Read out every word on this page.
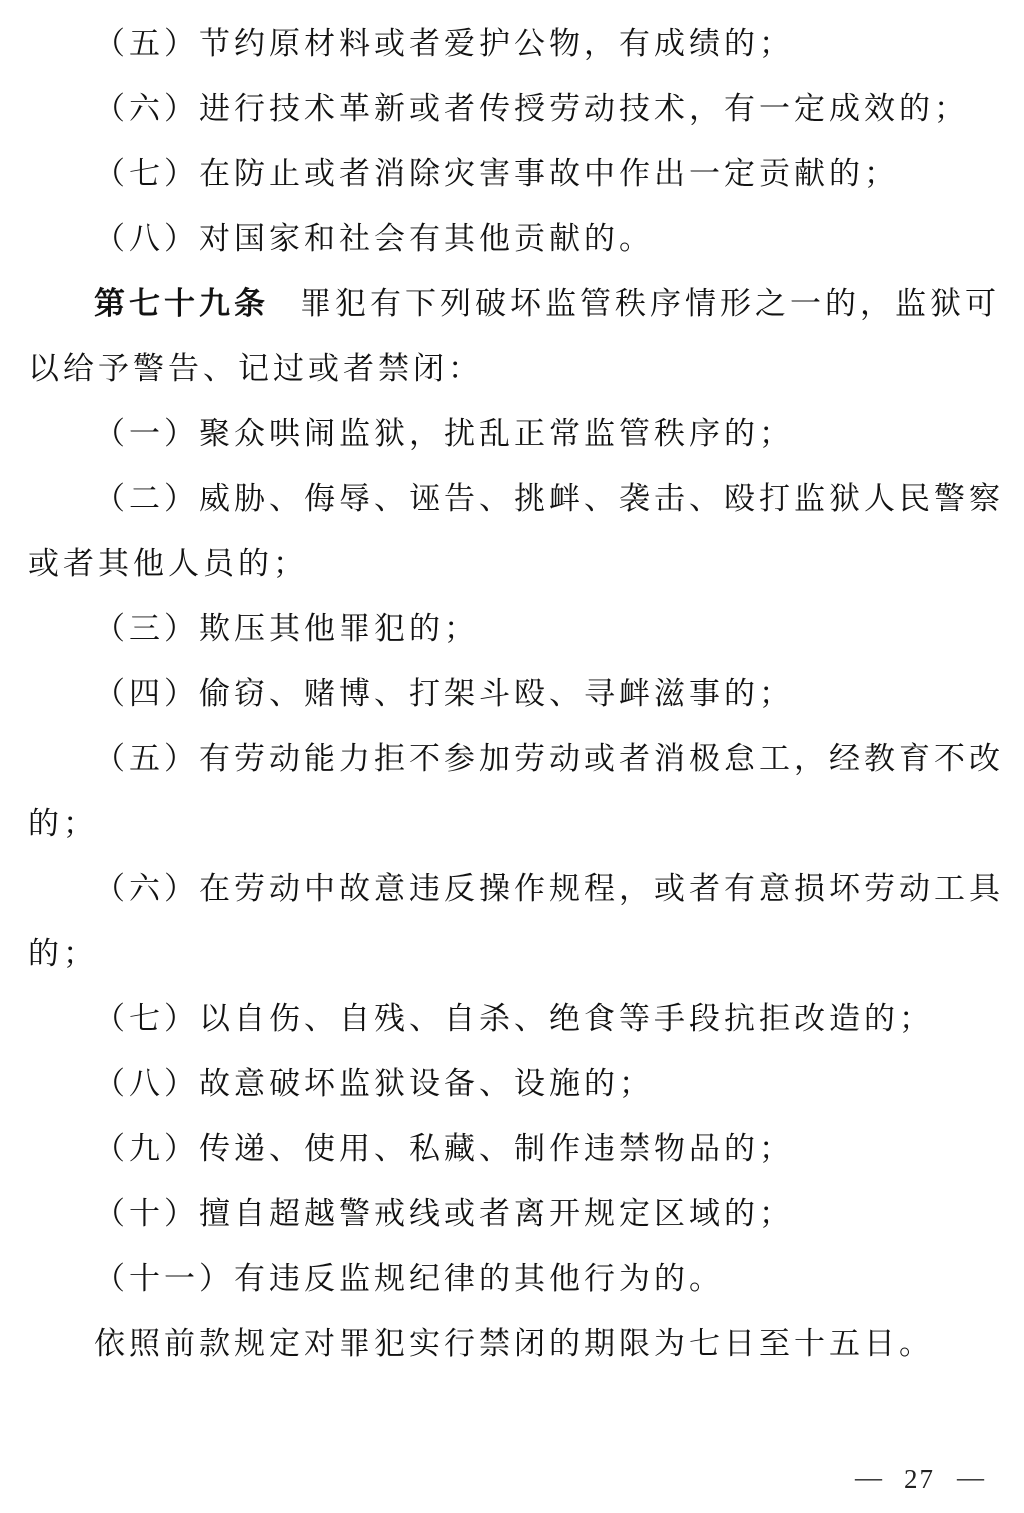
（五）节约原材料或者爱护公物，有成绩的；

（六）进行技术革新或者传授劳动技术，有一定成效的；

（七）在防止或者消除灾害事故中作出一定贡献的；

（八）对国家和社会有其他贡献的。

第七十九条 罪犯有下列破坏监管秩序情形之一的，监狱可

以给予警告、记过或者禁闭：

（一）聚众哄闹监狱，扰乱正常监管秩序的；

（二）威胁、侮辱、诬告、挑衅、袭击、殴打监狱人民警察

或者其他人员的；

（三）欺压其他罪犯的；

（四）偷窃、赌博、打架斗殴、寻衅滋事的；

（五）有劳动能力拒不参加劳动或者消极怠工，经教育不改

的；

（六）在劳动中故意违反操作规程，或者有意损坏劳动工具

的；

（七）以自伤、自残、自杀、绝食等手段抗拒改造的；

（八）故意破坏监狱设备、设施的；

（九）传递、使用、私藏、制作违禁物品的；

（十）擅自超越警戒线或者离开规定区域的；

（十一）有违反监规纪律的其他行为的。

依照前款规定对罪犯实行禁闭的期限为七日至十五日。

— 27 —
